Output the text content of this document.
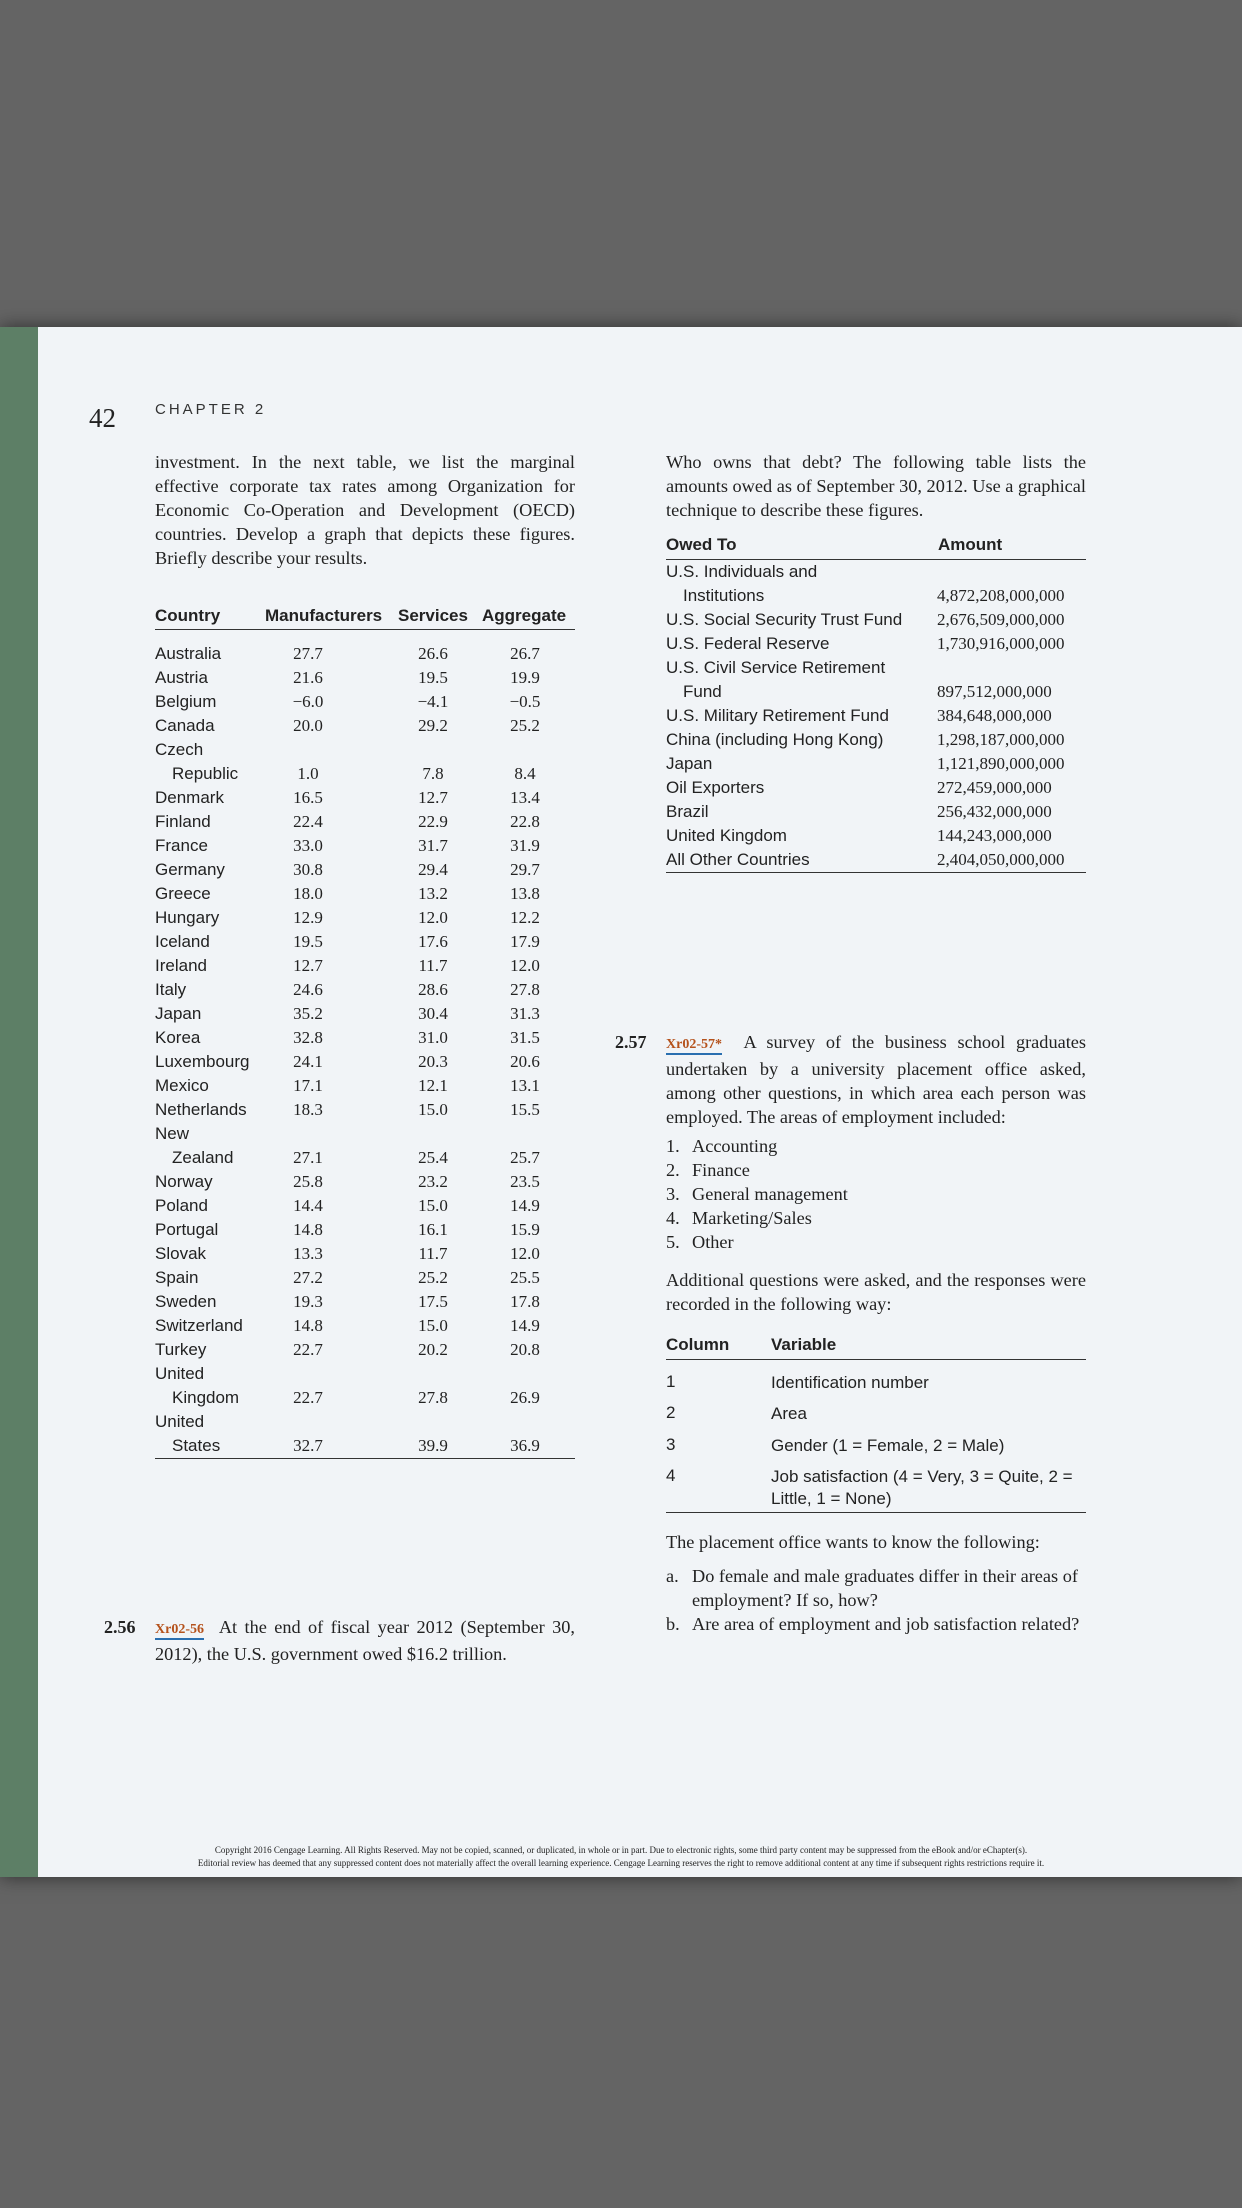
42	CHAPTER 2

investment. In the next table, we list the marginal effective corporate tax rates among Organization for Economic Co-Operation and Development (OECD) countries. Develop a graph that depicts these figures. Briefly describe your results.

Country	Manufacturers Services Aggregate
Australia	27.7	26.6	26.7
Austria	21.6	19.5	19.9
Belgium	−6.0	−4.1	−0.5
Canada	20.0	29.2	25.2
Czech
Republic	1.0	7.8	8.4
Denmark	16.5	12.7	13.4
Finland	22.4	22.9	22.8
France	33.0	31.7	31.9
Germany	30.8	29.4	29.7
Greece	18.0	13.2	13.8
Hungary	12.9	12.0	12.2
Iceland	19.5	17.6	17.9
Ireland	12.7	11.7	12.0
Italy	24.6	28.6	27.8
Japan	35.2	30.4	31.3
Korea	32.8	31.0	31.5
Luxembourg	24.1	20.3	20.6
Mexico	17.1	12.1	13.1
Netherlands	18.3	15.0	15.5
New
Zealand	27.1	25.4	25.7
Norway	25.8	23.2	23.5
Poland	14.4	15.0	14.9
Portugal	14.8	16.1	15.9
Slovak	13.3	11.7	12.0
Spain	27.2	25.2	25.5
Sweden	19.3	17.5	17.8
Switzerland	14.8	15.0	14.9
Turkey	22.7	20.2	20.8
United
Kingdom	22.7	27.8	26.9
United
States	32.7	39.9	36.9
2.56 Xr02-56 At the end of fiscal year 2012 (September 30, 2012), the U.S. government owed $16.2 trillion.

Who owns that debt? The following table lists the amounts owed as of September 30, 2012. Use a graphical technique to describe these figures.

Owed To	Amount
U.S. Individuals and
Institutions	4,872,208,000,000
U.S. Social Security Trust Fund 2,676,509,000,000
U.S. Federal Reserve	1,730,916,000,000
U.S. Civil Service Retirement
Fund	897,512,000,000
U.S. Military Retirement Fund	384,648,000,000
China (including Hong Kong)	1,298,187,000,000
Japan	1,121,890,000,000
Oil Exporters	272,459,000,000
Brazil	256,432,000,000
United Kingdom	144,243,000,000
All Other Countries	2,404,050,000,000
2.57 Xr02-57* A survey of the business school graduates undertaken by a university placement office asked, among other questions, in which area each person was employed. The areas of employment included:

1. Accounting
2. Finance
3. General management
4. Marketing/Sales
5. Other

Additional questions were asked, and the responses were recorded in the following way:

Column Variable
1	Identification number
2	Area
3	Gender (1 = Female, 2 = Male)
4	Job satisfaction (4 = Very, 3 = Quite, 2 = Little, 1 = None)

The placement office wants to know the following:

a. Do female and male graduates differ in their areas of employment? If so, how?
b. Are area of employment and job satisfaction related?
Copyright 2016 Cengage Learning. All Rights Reserved. May not be copied, scanned, or duplicated, in whole or in part. Due to electronic rights, some third party content may be suppressed from the eBook and/or eChapter(s).
Editorial review has deemed that any suppressed content does not materially affect the overall learning experience. Cengage Learning reserves the right to remove additional content at any time if subsequent rights restrictions require it.
